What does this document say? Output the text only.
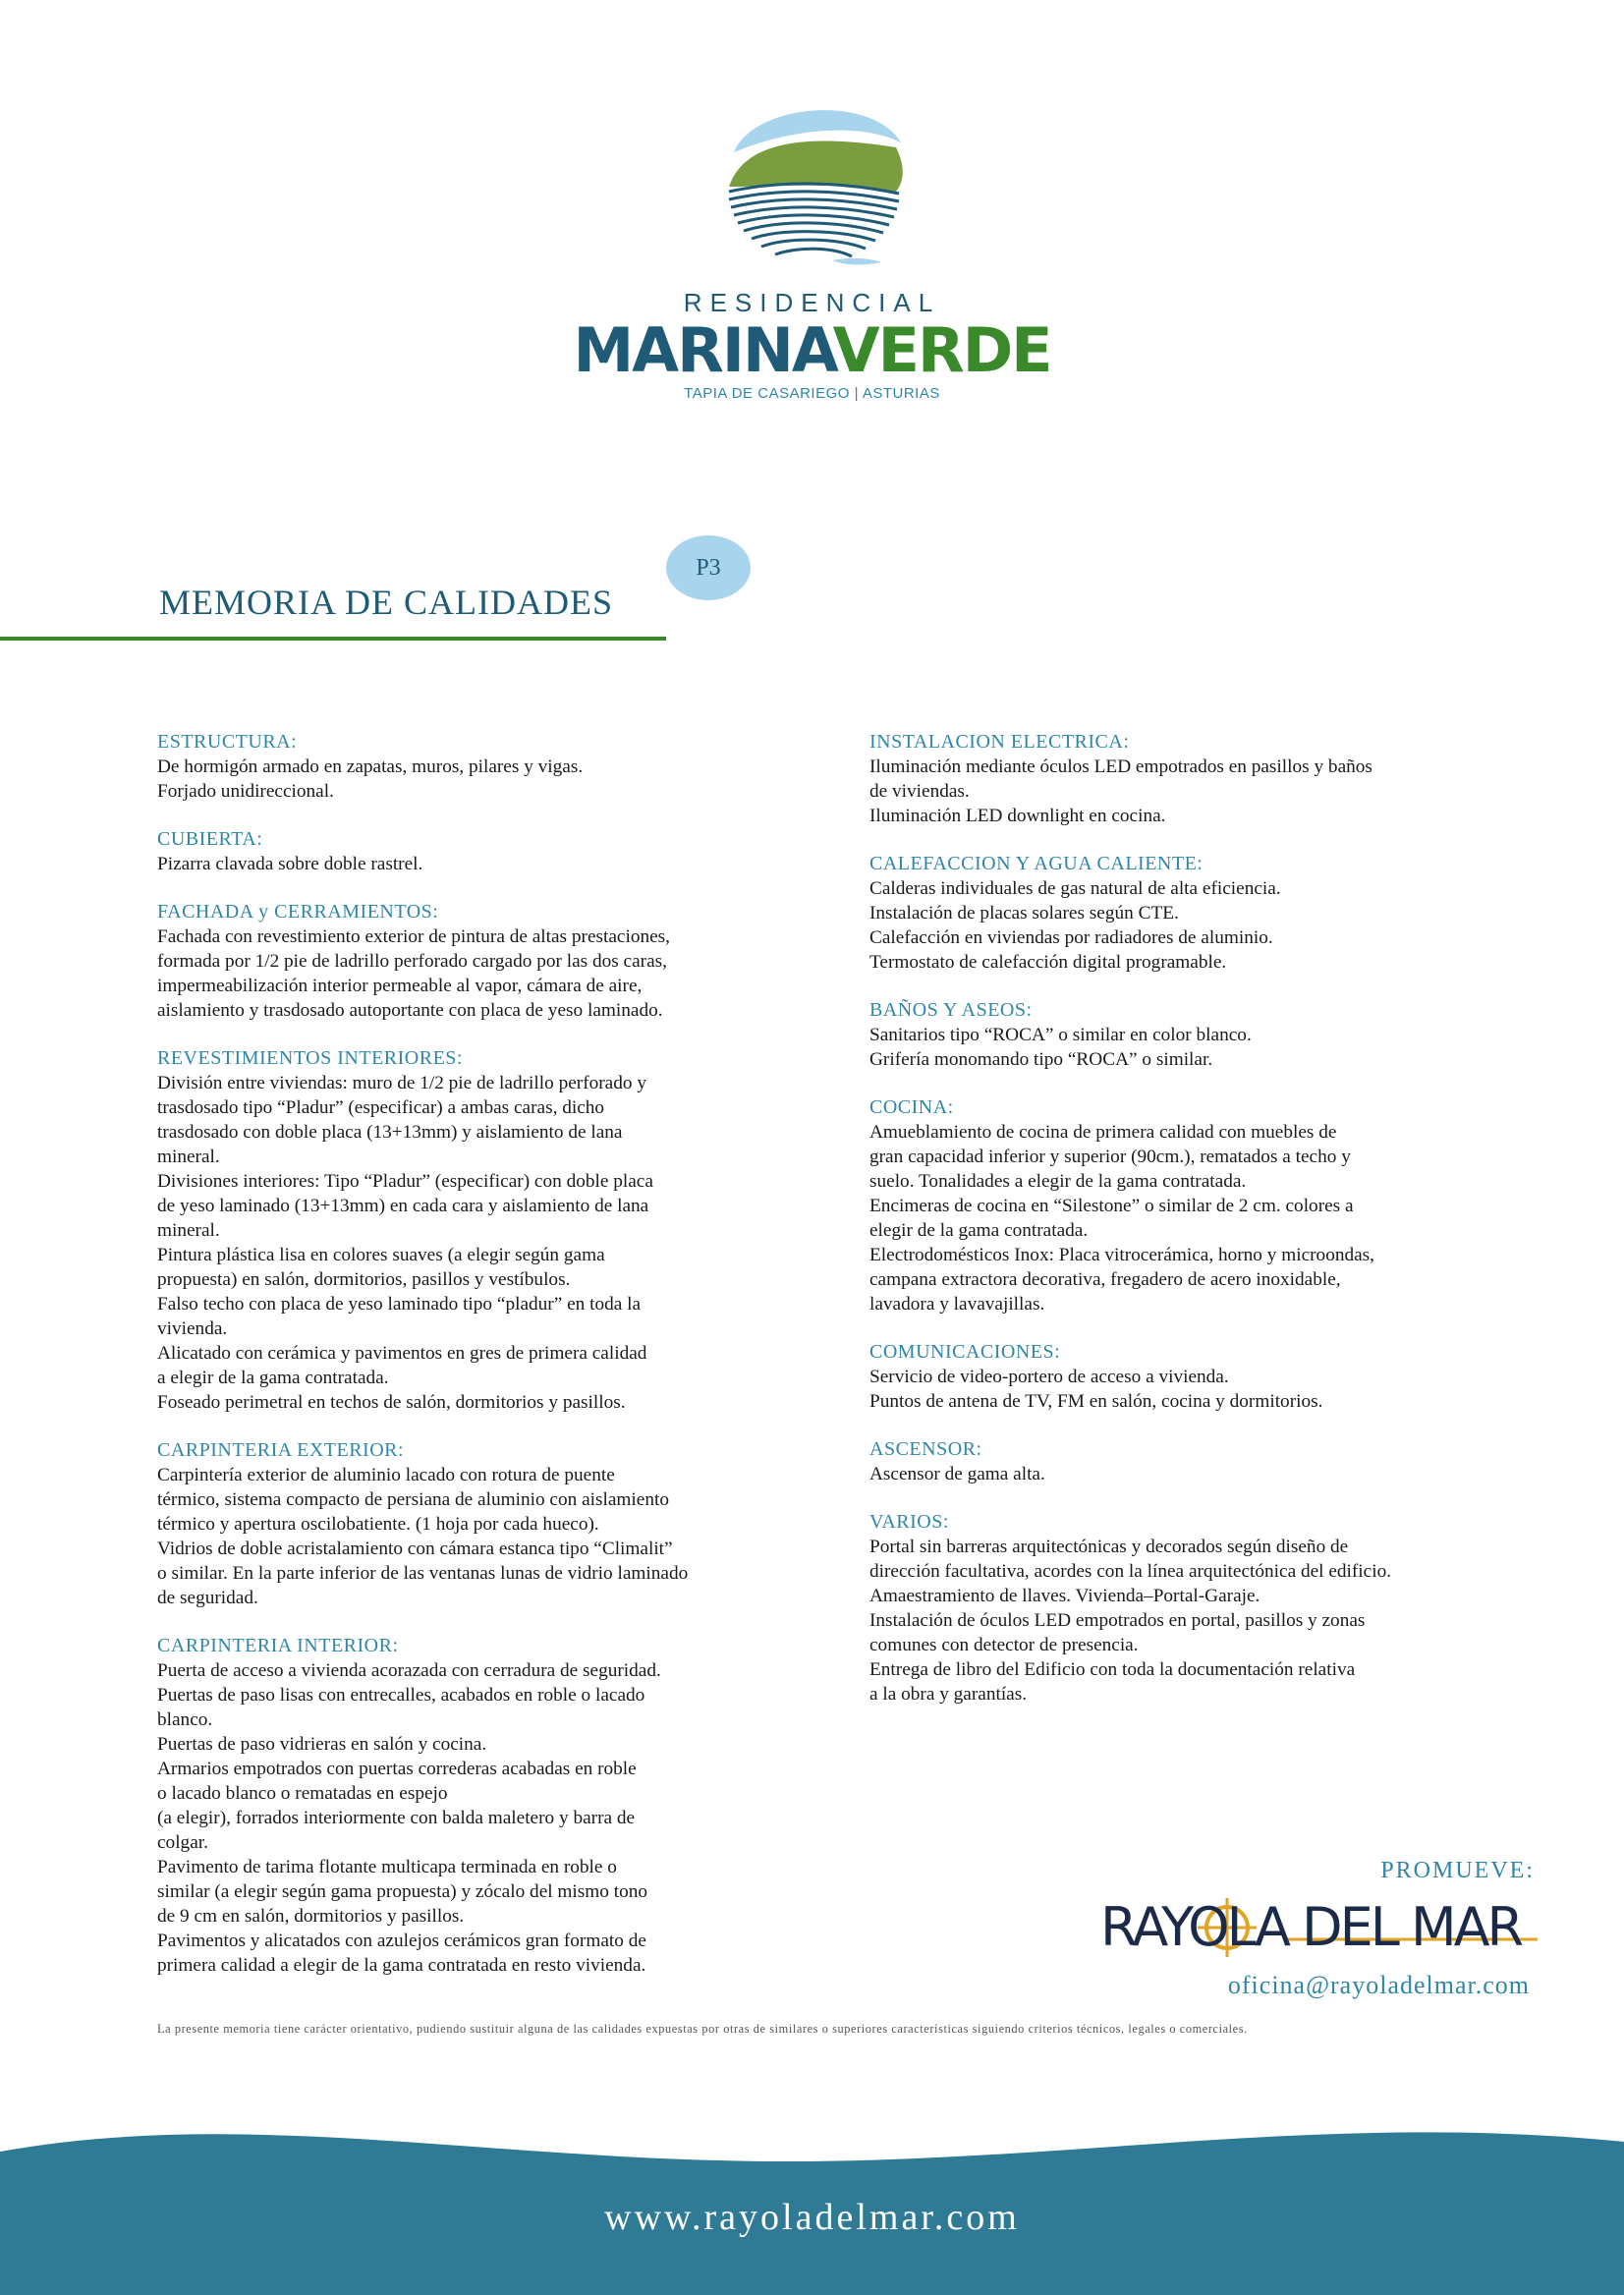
RESIDENCIAL
MARINAVERDE
TAPIA DE CASARIEGO | ASTURIAS
P3
MEMORIA DE CALIDADES
ESTRUCTURA:
De hormigón armado en zapatas, muros, pilares y vigas.
Forjado unidireccional.
CUBIERTA:
Pizarra clavada sobre doble rastrel.
FACHADA y CERRAMIENTOS:
Fachada con revestimiento exterior de pintura de altas prestaciones,
formada por 1/2 pie de ladrillo perforado cargado por las dos caras,
impermeabilización interior permeable al vapor, cámara de aire,
aislamiento y trasdosado autoportante con placa de yeso laminado.
REVESTIMIENTOS INTERIORES:
División entre viviendas: muro de 1/2 pie de ladrillo perforado y
trasdosado tipo “Pladur” (especificar) a ambas caras, dicho
trasdosado con doble placa (13+13mm) y aislamiento de lana
mineral.
Divisiones interiores: Tipo “Pladur” (especificar) con doble placa
de yeso laminado (13+13mm) en cada cara y aislamiento de lana
mineral.
Pintura plástica lisa en colores suaves (a elegir según gama
propuesta) en salón, dormitorios, pasillos y vestíbulos.
Falso techo con placa de yeso laminado tipo “pladur” en toda la
vivienda.
Alicatado con cerámica y pavimentos en gres de primera calidad
a elegir de la gama contratada.
Foseado perimetral en techos de salón, dormitorios y pasillos.
CARPINTERIA EXTERIOR:
Carpintería exterior de aluminio lacado con rotura de puente
térmico, sistema compacto de persiana de aluminio con aislamiento
térmico y apertura oscilobatiente. (1 hoja por cada hueco).
Vidrios de doble acristalamiento con cámara estanca tipo “Climalit”
o similar. En la parte inferior de las ventanas lunas de vidrio laminado
de seguridad.
CARPINTERIA INTERIOR:
Puerta de acceso a vivienda acorazada con cerradura de seguridad.
Puertas de paso lisas con entrecalles, acabados en roble o lacado
blanco.
Puertas de paso vidrieras en salón y cocina.
Armarios empotrados con puertas correderas acabadas en roble
o lacado blanco o rematadas en espejo
(a elegir), forrados interiormente con balda maletero y barra de
colgar.
Pavimento de tarima flotante multicapa terminada en roble o
similar (a elegir según gama propuesta) y zócalo del mismo tono
de 9 cm en salón, dormitorios y pasillos.
Pavimentos y alicatados con azulejos cerámicos gran formato de
primera calidad a elegir de la gama contratada en resto vivienda.
INSTALACION ELECTRICA:
Iluminación mediante óculos LED empotrados en pasillos y baños
de viviendas.
Iluminación LED downlight en cocina.
CALEFACCION Y AGUA CALIENTE:
Calderas individuales de gas natural de alta eficiencia.
Instalación de placas solares según CTE.
Calefacción en viviendas por radiadores de aluminio.
Termostato de calefacción digital programable.
BAÑOS Y ASEOS:
Sanitarios tipo “ROCA” o similar en color blanco.
Grifería monomando tipo “ROCA” o similar.
COCINA:
Amueblamiento de cocina de primera calidad con muebles de
gran capacidad inferior y superior (90cm.), rematados a techo y
suelo. Tonalidades a elegir de la gama contratada.
Encimeras de cocina en “Silestone” o similar de 2 cm. colores a
elegir de la gama contratada.
Electrodomésticos Inox: Placa vitrocerámica, horno y microondas,
campana extractora decorativa, fregadero de acero inoxidable,
lavadora y lavavajillas.
COMUNICACIONES:
Servicio de video-portero de acceso a vivienda.
Puntos de antena de TV, FM en salón, cocina y dormitorios.
ASCENSOR:
Ascensor de gama alta.
VARIOS:
Portal sin barreras arquitectónicas y decorados según diseño de
dirección facultativa, acordes con la línea arquitectónica del edificio.
Amaestramiento de llaves. Vivienda–Portal-Garaje.
Instalación de óculos LED empotrados en portal, pasillos y zonas
comunes con detector de presencia.
Entrega de libro del Edificio con toda la documentación relativa
a la obra y garantías.
PROMUEVE:
RAYOLA DEL MAR
oficina@rayoladelmar.com
La presente memoria tiene carácter orientativo, pudiendo sustituir alguna de las calidades expuestas por otras de similares o superiores características siguiendo criterios técnicos, legales o comerciales.
www.rayoladelmar.com
